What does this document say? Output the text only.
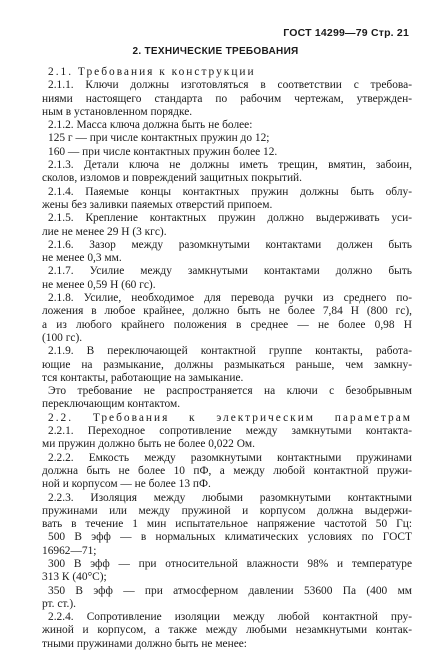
ГОСТ 14299—79 Стр. 21
2. ТЕХНИЧЕСКИЕ ТРЕБОВАНИЯ
2.1. Требования к конструкции
2.1.1. Ключи должны изготовляться в соответствии с требова-
ниями настоящего стандарта по рабочим чертежам, утвержден-
ным в установленном порядке.
2.1.2. Масса ключа должна быть не более:
125 г — при числе контактных пружин до 12;
160 — при числе контактных пружин более 12.
2.1.3. Детали ключа не должны иметь трещин, вмятин, забоин,
сколов, изломов и повреждений защитных покрытий.
2.1.4. Паяемые концы контактных пружин должны быть облу-
жены без заливки паяемых отверстий припоем.
2.1.5. Крепление контактных пружин должно выдерживать уси-
лие не менее 29 Н (3 кгс).
2.1.6. Зазор между разомкнутыми контактами должен быть
не менее 0,3 мм.
2.1.7. Усилие между замкнутыми контактами должно быть
не менее 0,59 Н (60 гс).
2.1.8. Усилие, необходимое для перевода ручки из среднего по-
ложения в любое крайнее, должно быть не более 7,84 Н (800 гс),
а из любого крайнего положения в среднее — не более 0,98 Н
(100 гс).
2.1.9. В переключающей контактной группе контакты, работа-
ющие на размыкание, должны размыкаться раньше, чем замкну-
тся контакты, работающие на замыкание.
Это требование не распространяется на ключи с безобрывным
переключающим контактом.
2.2. Требования к электрическим параметрам
2.2.1. Переходное сопротивление между замкнутыми контакта-
ми пружин должно быть не более 0,022 Ом.
2.2.2. Емкость между разомкнутыми контактными пружинами
должна быть не более 10 пФ, а между любой контактной пружи-
ной и корпусом — не более 13 пФ.
2.2.3. Изоляция между любыми разомкнутыми контактными
пружинами или между пружиной и корпусом должна выдержи-
вать в течение 1 мин испытательное напряжение частотой 50 Гц:
500 В эфф — в нормальных климатических условиях по ГОСТ
16962—71;
300 В эфф — при относительной влажности 98% и температуре
313 К (40°С);
350 В эфф — при атмосферном давлении 53600 Па (400 мм
рт. ст.).
2.2.4. Сопротивление изоляции между любой контактной пру-
жиной и корпусом, а также между любыми незамкнутыми контак-
тными пружинами должно быть не менее:
